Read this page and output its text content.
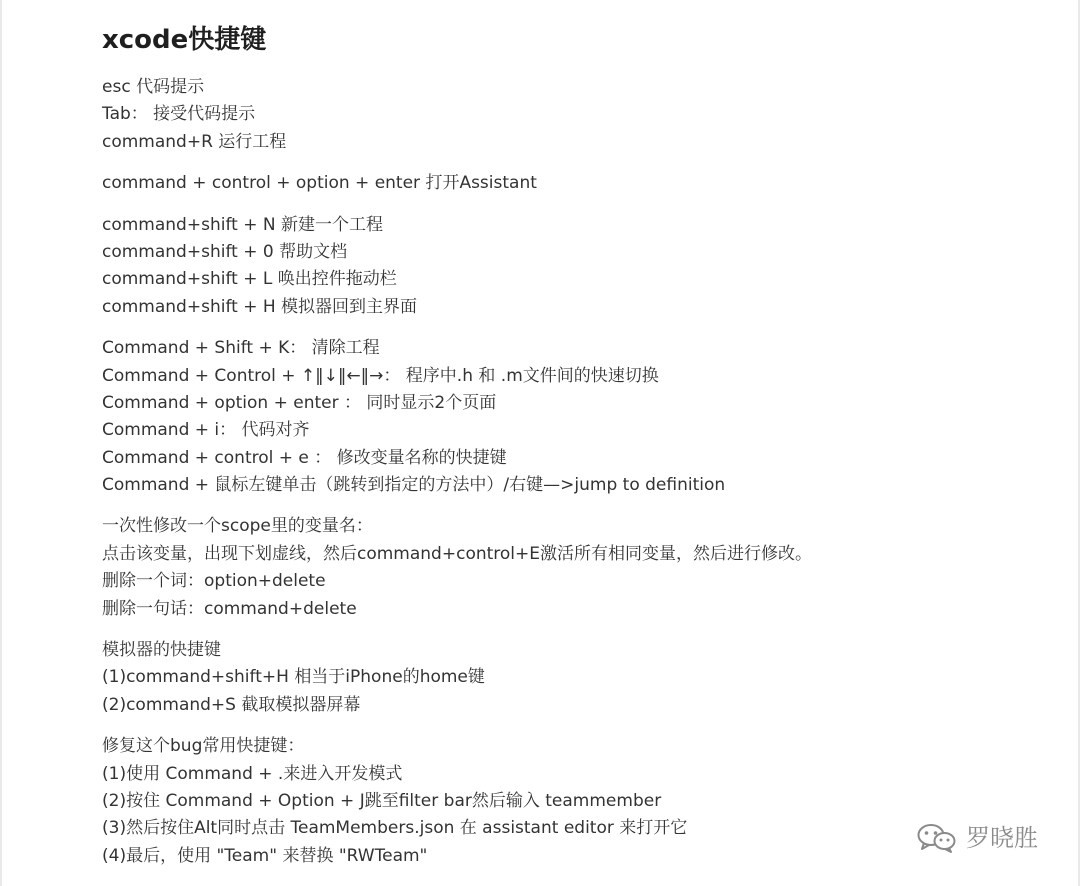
xcode快捷键
esc 代码提示
Tab： 接受代码提示
command+R 运行工程
command + control + option + enter 打开Assistant
command+shift + N 新建一个工程
command+shift + 0 帮助文档
command+shift + L 唤出控件拖动栏
command+shift + H 模拟器回到主界面
Command + Shift + K： 清除工程
Command + Control + ↑‖↓‖←‖→： 程序中.h 和 .m文件间的快速切换
Command + option + enter ： 同时显示2个页面
Command + i： 代码对齐
Command + control + e ： 修改变量名称的快捷键
Command + 鼠标左键单击（跳转到指定的方法中）/右键—>jump to definition
一次性修改一个scope里的变量名：
点击该变量，出现下划虚线，然后command+control+E激活所有相同变量，然后进行修改。
删除一个词：option+delete
删除一句话：command+delete
模拟器的快捷键
(1)command+shift+H 相当于iPhone的home键
(2)command+S 截取模拟器屏幕
修复这个bug常用快捷键：
(1)使用 Command + .来进入开发模式
(2)按住 Command + Option + J跳至filter bar然后输入 teammember
(3)然后按住Alt同时点击 TeamMembers.json 在 assistant editor 来打开它
(4)最后，使用 "Team" 来替换 "RWTeam"
罗晓胜
